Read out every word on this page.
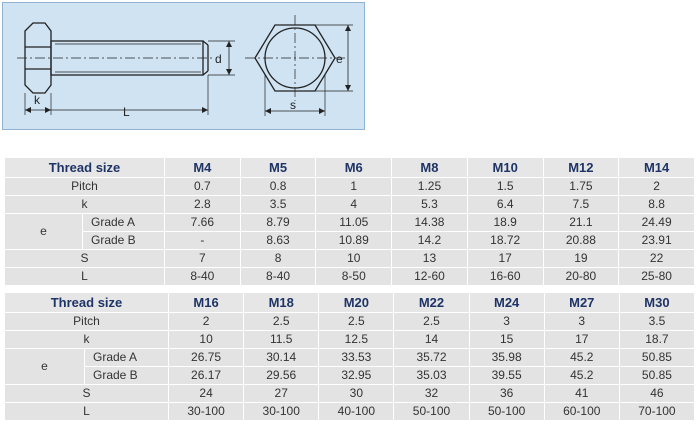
d
k
L
e
s
Thread size		M4	M5	M6	M8	M10	M12	M14
Pitch		0.7	0.8	1	1.25	1.5	1.75	2
k		2.8	3.5	4	5.3	6.4	7.5	8.8
e	Grade A	7.66	8.79	11.05	14.38	18.9	21.1	24.49
	Grade B	-	8.63	10.89	14.2	18.72	20.88	23.91
S		7	8	10	13	17	19	22
L		8-40	8-40	8-50	12-60	16-60	20-80	25-80
Thread size		M16	M18	M20	M22	M24	M27	M30
Pitch		2	2.5	2.5	2.5	3	3	3.5
k		10	11.5	12.5	14	15	17	18.7
e	Grade A	26.75	30.14	33.53	35.72	35.98	45.2	50.85
	Grade B	26.17	29.56	32.95	35.03	39.55	45.2	50.85
S		24	27	30	32	36	41	46
L		30-100	30-100	40-100	50-100	50-100	60-100	70-100
